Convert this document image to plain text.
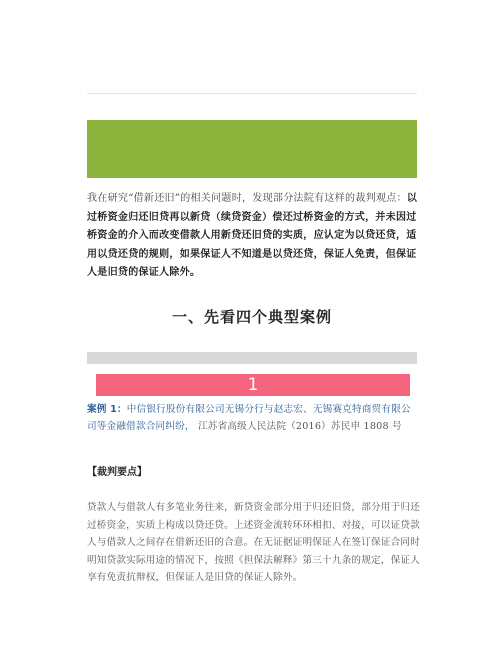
我在研究“借新还旧”的相关问题时，发现部分法院有这样的裁判观点：以过桥资金归还旧贷再以新贷（续贷资金）偿还过桥资金的方式，并未因过桥资金的介入而改变借款人用新贷还旧贷的实质，应认定为以贷还贷，适用以贷还贷的规则，如果保证人不知道是以贷还贷，保证人免责，但保证人是旧贷的保证人除外。
一、先看四个典型案例
1
案例 1：中信银行股份有限公司无锡分行与赵志宏、无锡赛克特商贸有限公司等金融借款合同纠纷， 江苏省高级人民法院（2016）苏民申 1808 号
【裁判要点】
贷款人与借款人有多笔业务往来，新贷资金部分用于归还旧贷，部分用于归还过桥资金，实质上构成以贷还贷。上述资金流转环环相扣、对接，可以证贷款人与借款人之间存在借新还旧的合意。在无证据证明保证人在签订保证合同时明知贷款实际用途的情况下，按照《担保法解释》第三十九条的规定，保证人享有免责抗辩权，但保证人是旧贷的保证人除外。
